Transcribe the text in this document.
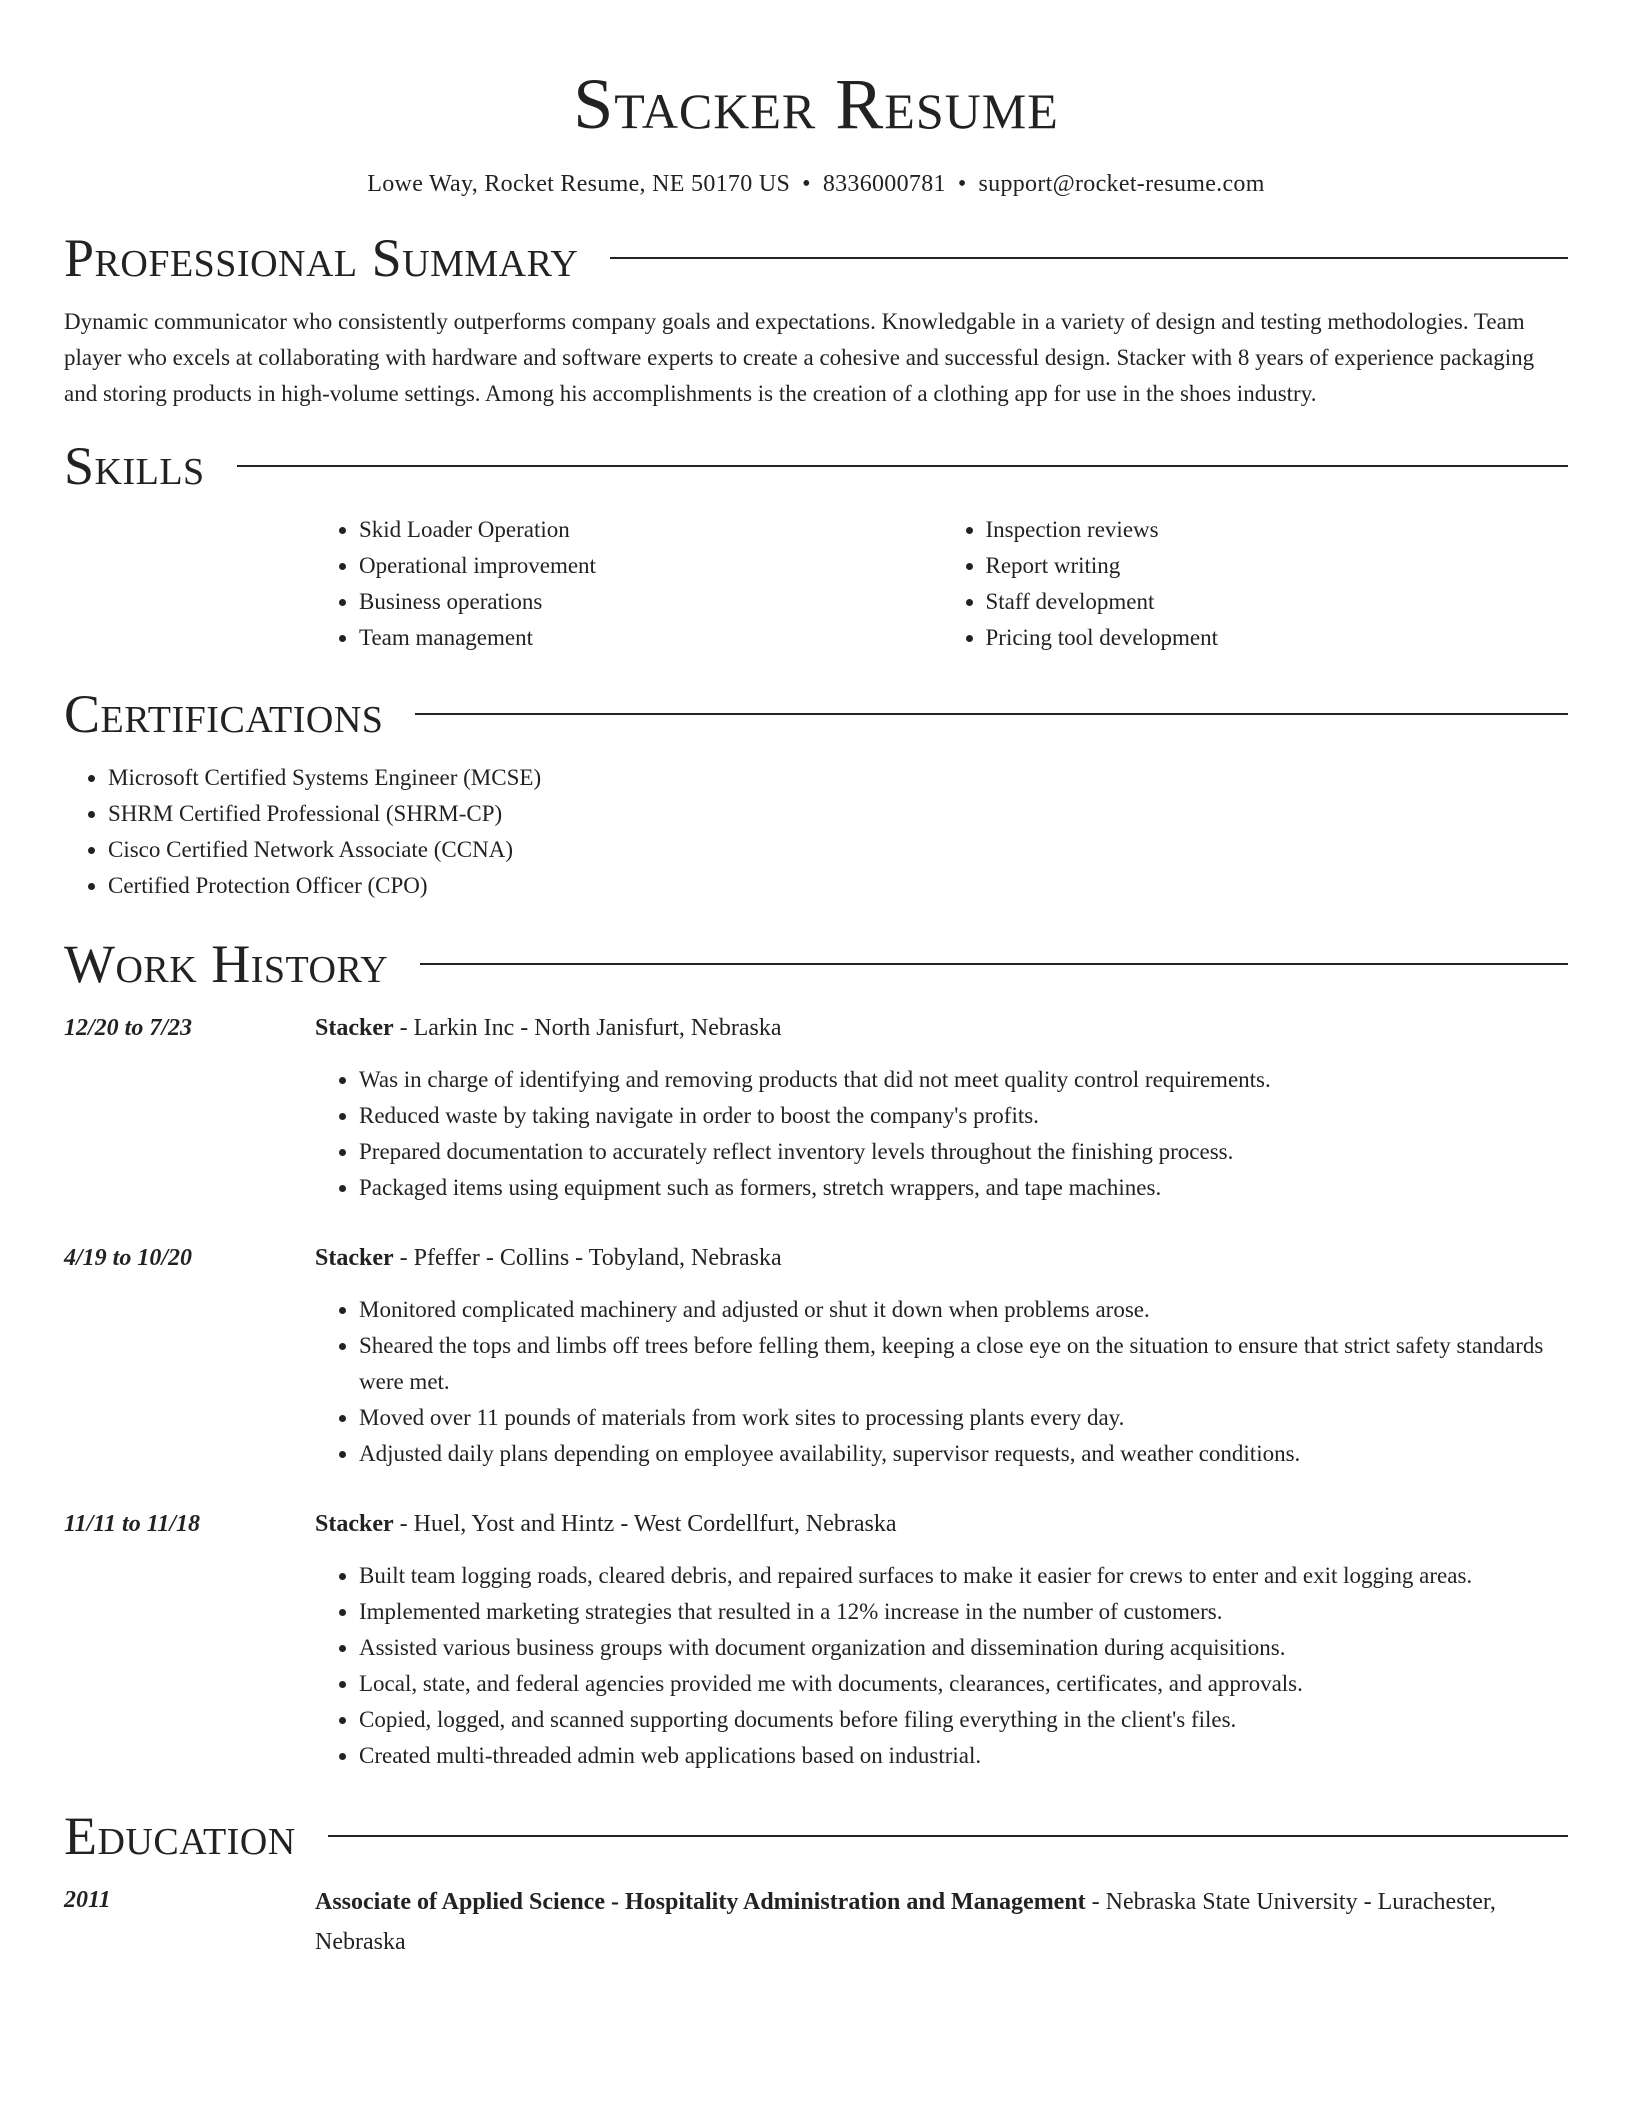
Stacker Resume
Lowe Way, Rocket Resume, NE 50170 US • 8336000781 • support@rocket-resume.com
Professional Summary

Dynamic communicator who consistently outperforms company goals and expectations. Knowledgable in a variety of design and testing methodologies. Team player who excels at collaborating with hardware and software experts to create a cohesive and successful design. Stacker with 8 years of experience packaging and storing products in high-volume settings. Among his accomplishments is the creation of a clothing app for use in the shoes industry.

Skills
• Skid Loader Operation
• Operational improvement
• Business operations
• Team management
• Inspection reviews
• Report writing
• Staff development
• Pricing tool development
Certifications
• Microsoft Certified Systems Engineer (MCSE)
• SHRM Certified Professional (SHRM-CP)
• Cisco Certified Network Associate (CCNA)
• Certified Protection Officer (CPO)
Work History
12/20 to 7/23	Stacker - Larkin Inc - North Janisfurt, Nebraska
• Was in charge of identifying and removing products that did not meet quality control requirements.
• Reduced waste by taking navigate in order to boost the company's profits.
• Prepared documentation to accurately reflect inventory levels throughout the finishing process.
• Packaged items using equipment such as formers, stretch wrappers, and tape machines.
4/19 to 10/20	Stacker - Pfeffer - Collins - Tobyland, Nebraska
• Monitored complicated machinery and adjusted or shut it down when problems arose.
• Sheared the tops and limbs off trees before felling them, keeping a close eye on the situation to ensure that strict safety standards were met.
• Moved over 11 pounds of materials from work sites to processing plants every day.
• Adjusted daily plans depending on employee availability, supervisor requests, and weather conditions.
11/11 to 11/18	Stacker - Huel, Yost and Hintz - West Cordellfurt, Nebraska
• Built team logging roads, cleared debris, and repaired surfaces to make it easier for crews to enter and exit logging areas.
• Implemented marketing strategies that resulted in a 12% increase in the number of customers.
• Assisted various business groups with document organization and dissemination during acquisitions.
• Local, state, and federal agencies provided me with documents, clearances, certificates, and approvals.
• Copied, logged, and scanned supporting documents before filing everything in the client's files.
• Created multi-threaded admin web applications based on industrial.
Education
2011	Associate of Applied Science - Hospitality Administration and Management - Nebraska State University - Lurachester, Nebraska
